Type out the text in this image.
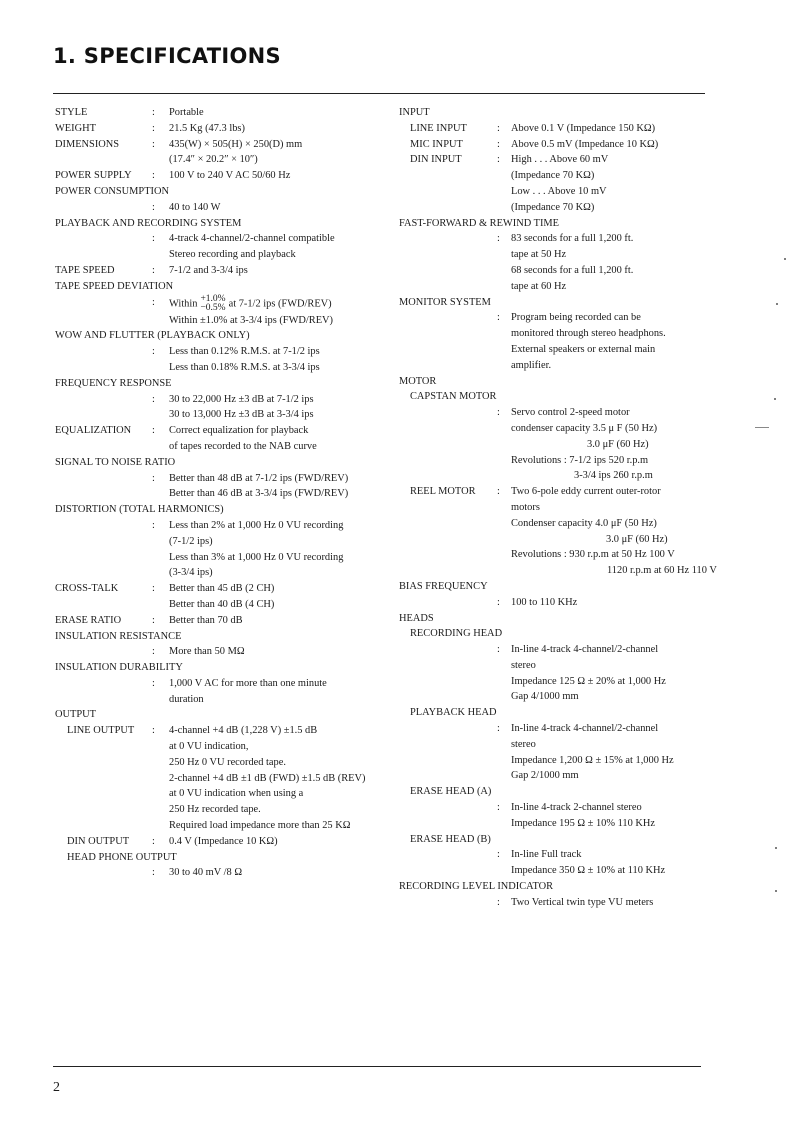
1. SPECIFICATIONS
STYLE	: Portable
WEIGHT	: 21.5 Kg (47.3 lbs)
DIMENSIONS	: 435(W) × 505(H) × 250(D) mm
(17.4″ × 20.2″ × 10″)
POWER SUPPLY : 100 V to 240 V AC 50/60 Hz
POWER CONSUMPTION
: 40 to 140 W
PLAYBACK AND RECORDING SYSTEM
: 4-track 4-channel/2-channel compatible
Stereo recording and playback
TAPE SPEED	: 7-1/2 and 3-3/4 ips
TAPE SPEED DEVIATION
: Within +1.0%
−0.5% at 7-1/2 ips (FWD/REV)
Within ±1.0% at 3-3/4 ips (FWD/REV)
WOW AND FLUTTER (PLAYBACK ONLY)
: Less than 0.12% R.M.S. at 7-1/2 ips
Less than 0.18% R.M.S. at 3-3/4 ips
FREQUENCY RESPONSE
: 30 to 22,000 Hz ±3 dB at 7-1/2 ips
30 to 13,000 Hz ±3 dB at 3-3/4 ips
EQUALIZATION : Correct equalization for playback
of tapes recorded to the NAB curve
SIGNAL TO NOISE RATIO
: Better than 48 dB at 7-1/2 ips (FWD/REV)
Better than 46 dB at 3-3/4 ips (FWD/REV)
DISTORTION (TOTAL HARMONICS)
: Less than 2% at 1,000 Hz 0 VU recording
(7-1/2 ips)
Less than 3% at 1,000 Hz 0 VU recording
(3-3/4 ips)
CROSS-TALK	: Better than 45 dB (2 CH)
Better than 40 dB (4 CH)
ERASE RATIO	: Better than 70 dB
INSULATION RESISTANCE
: More than 50 MΩ
INSULATION DURABILITY
: 1,000 V AC for more than one minute
duration
OUTPUT
LINE OUTPUT : 4-channel +4 dB (1,228 V) ±1.5 dB
at 0 VU indication,
250 Hz 0 VU recorded tape.
2-channel +4 dB ±1 dB (FWD) ±1.5 dB (REV)
at 0 VU indication when using a
250 Hz recorded tape.
Required load impedance more than 25 KΩ
DIN OUTPUT : 0.4 V (Impedance 10 KΩ)
HEAD PHONE OUTPUT
: 30 to 40 mV /8 Ω
INPUT
LINE INPUT	: Above 0.1 V (Impedance 150 KΩ)
MIC INPUT	: Above 0.5 mV (Impedance 10 KΩ)
DIN INPUT	: High . . . Above 60 mV
(Impedance 70 KΩ)
Low . . . Above 10 mV
(Impedance 70 KΩ)
FAST-FORWARD & REWIND TIME
: 83 seconds for a full 1,200 ft.
tape at 50 Hz
68 seconds for a full 1,200 ft.
tape at 60 Hz
MONITOR SYSTEM
: Program being recorded can be
monitored through stereo headphons.
External speakers or external main
amplifier.
MOTOR
CAPSTAN MOTOR
: Servo control 2-speed motor
condenser capacity 3.5 μ F (50 Hz)
3.0 μF (60 Hz)
Revolutions : 7-1/2 ips 520 r.p.m
3-3/4 ips 260 r.p.m
REEL MOTOR : Two 6-pole eddy current outer-rotor
motors
Condenser capacity 4.0 μF (50 Hz)
3.0 μF (60 Hz)
Revolutions : 930 r.p.m at 50 Hz 100 V
1120 r.p.m at 60 Hz 110 V
BIAS FREQUENCY
: 100 to 110 KHz
HEADS
RECORDING HEAD
: In-line 4-track 4-channel/2-channel
stereo
Impedance 125 Ω ± 20% at 1,000 Hz
Gap 4/1000 mm
PLAYBACK HEAD
: In-line 4-track 4-channel/2-channel
stereo
Impedance 1,200 Ω ± 15% at 1,000 Hz
Gap 2/1000 mm
ERASE HEAD (A)
: In-line 4-track 2-channel stereo
Impedance 195 Ω ± 10% 110 KHz
ERASE HEAD (B)
: In-line Full track
Impedance 350 Ω ± 10% at 110 KHz
RECORDING LEVEL INDICATOR
: Two Vertical twin type VU meters
2
